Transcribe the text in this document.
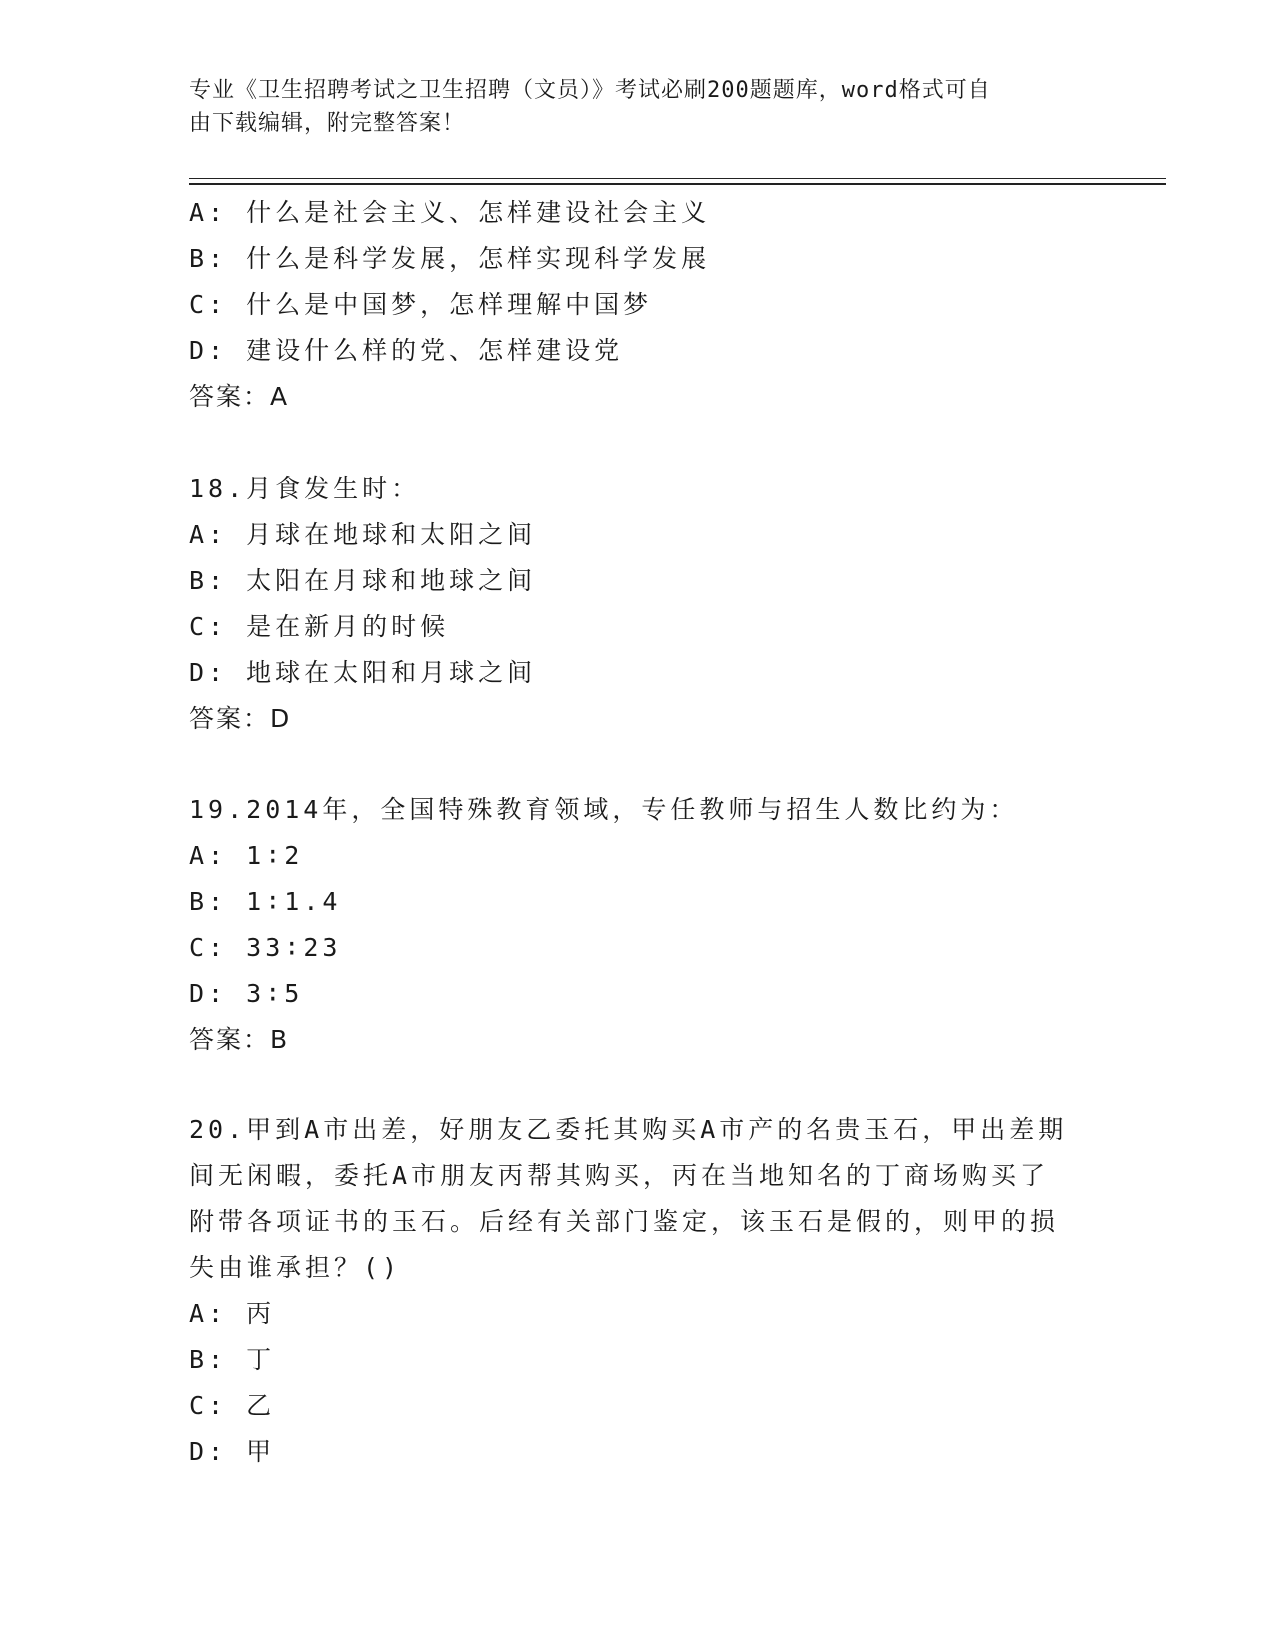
专业《卫生招聘考试之卫生招聘（文员）》考试必刷200题题库，word格式可自
由下载编辑，附完整答案！
A: 什么是社会主义、怎样建设社会主义
B: 什么是科学发展，怎样实现科学发展
C: 什么是中国梦，怎样理解中国梦
D: 建设什么样的党、怎样建设党
答案：A
18.月食发生时：
A: 月球在地球和太阳之间
B: 太阳在月球和地球之间
C: 是在新月的时候
D: 地球在太阳和月球之间
答案：D
19.2014年，全国特殊教育领域，专任教师与招生人数比约为：
A: 1∶2
B: 1∶1.4
C: 33∶23
D: 3∶5
答案：B
20.甲到A市出差，好朋友乙委托其购买A市产的名贵玉石，甲出差期间无闲暇，委托A市朋友丙帮其购买，丙在当地知名的丁商场购买了附带各项证书的玉石。后经有关部门鉴定，该玉石是假的，则甲的损失由谁承担？()
A: 丙
B: 丁
C: 乙
D: 甲
